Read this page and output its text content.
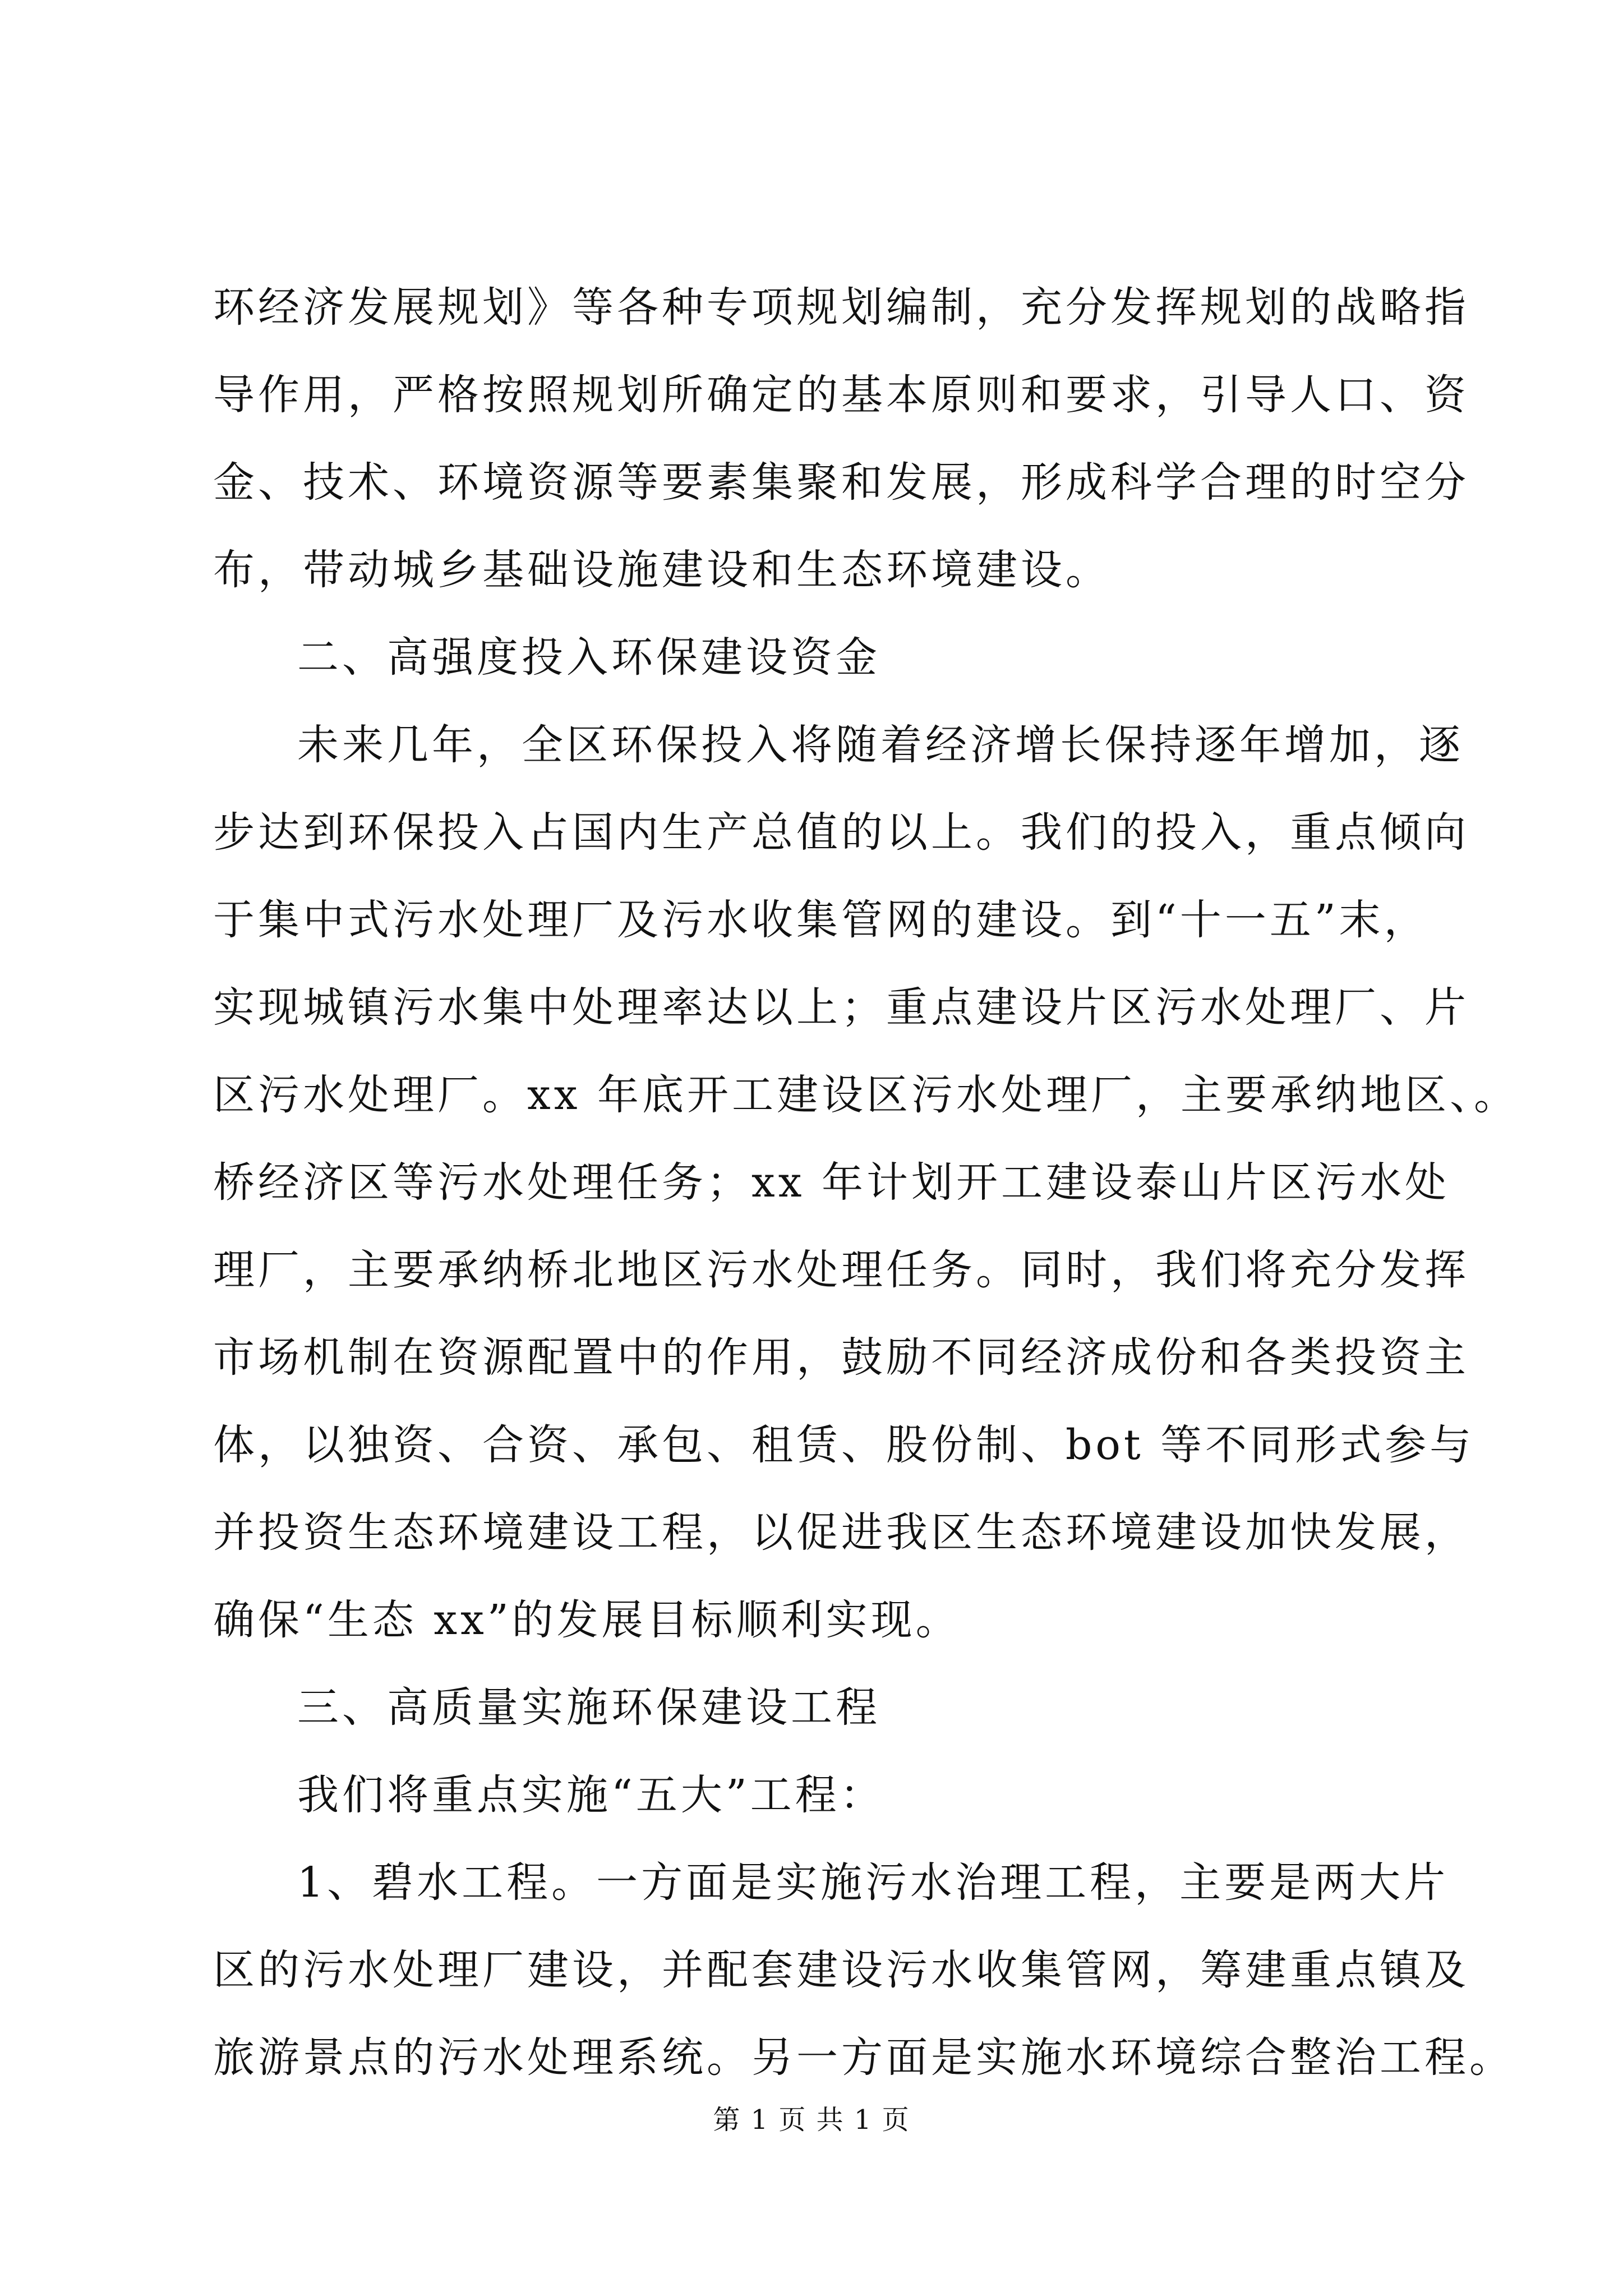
环经济发展规划》等各种专项规划编制，充分发挥规划的战略指
导作用，严格按照规划所确定的基本原则和要求，引导人口、资
金、技术、环境资源等要素集聚和发展，形成科学合理的时空分
布，带动城乡基础设施建设和生态环境建设。
二、高强度投入环保建设资金
未来几年，全区环保投入将随着经济增长保持逐年增加，逐
步达到环保投入占国内生产总值的以上。我们的投入，重点倾向
于集中式污水处理厂及污水收集管网的建设。到“十一五”末，
实现城镇污水集中处理率达以上；重点建设片区污水处理厂、片
区污水处理厂。xx 年底开工建设区污水处理厂，主要承纳地区、。
桥经济区等污水处理任务；xx 年计划开工建设泰山片区污水处
理厂，主要承纳桥北地区污水处理任务。同时，我们将充分发挥
市场机制在资源配置中的作用，鼓励不同经济成份和各类投资主
体，以独资、合资、承包、租赁、股份制、bot 等不同形式参与
并投资生态环境建设工程，以促进我区生态环境建设加快发展，
确保“生态 xx”的发展目标顺利实现。
三、高质量实施环保建设工程
我们将重点实施“五大”工程：
1、碧水工程。一方面是实施污水治理工程，主要是两大片
区的污水处理厂建设，并配套建设污水收集管网，筹建重点镇及
旅游景点的污水处理系统。另一方面是实施水环境综合整治工程。
第 1 页 共 1 页
